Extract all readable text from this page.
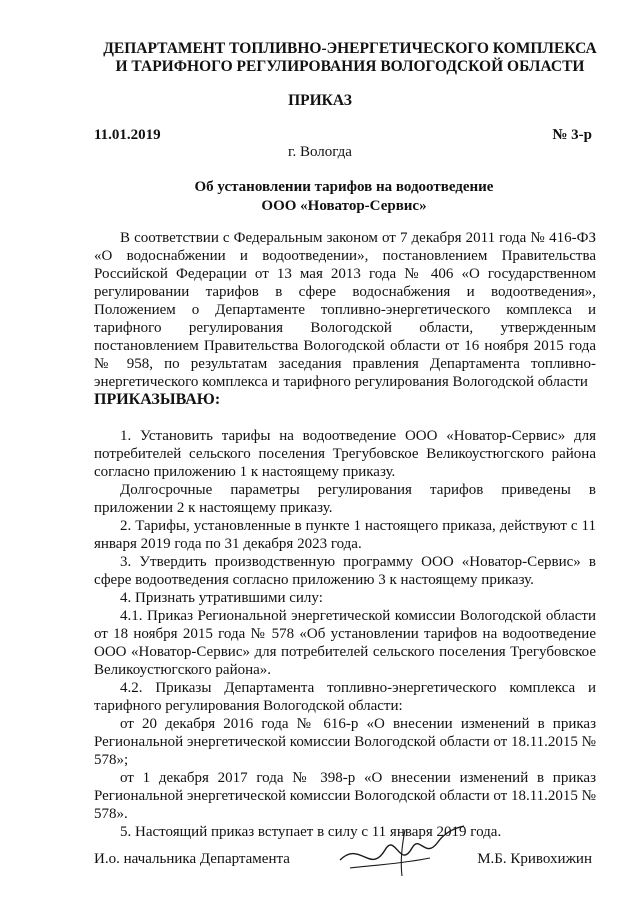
ДЕПАРТАМЕНТ ТОПЛИВНО-ЭНЕРГЕТИЧЕСКОГО КОМПЛЕКСА
И ТАРИФНОГО РЕГУЛИРОВАНИЯ ВОЛОГОДСКОЙ ОБЛАСТИ
ПРИКАЗ
11.01.2019	№ 3-р
г. Вологда
Об установлении тарифов на водоотведение
ООО «Новатор-Сервис»

В соответствии с Федеральным законом от 7 декабря 2011 года № 416-ФЗ «О водоснабжении и водоотведении», постановлением Правительства Российской Федерации от 13 мая 2013 года № 406 «О государственном регулировании тарифов в сфере водоснабжения и водоотведения», Положением о Департаменте топливно-энергетического комплекса и тарифного регулирования Вологодской области, утвержденным постановлением Правительства Вологодской области от 16 ноября 2015 года № 958, по результатам заседания правления Департамента топливно-энергетического комплекса и тарифного регулирования Вологодской области

ПРИКАЗЫВАЮ:

1. Установить тарифы на водоотведение ООО «Новатор-Сервис» для потребителей сельского поселения Трегубовское Великоустюгского района согласно приложению 1 к настоящему приказу.

Долгосрочные параметры регулирования тарифов приведены в приложении 2 к настоящему приказу.

2. Тарифы, установленные в пункте 1 настоящего приказа, действуют с 11 января 2019 года по 31 декабря 2023 года.

3. Утвердить производственную программу ООО «Новатор-Сервис» в сфере водоотведения согласно приложению 3 к настоящему приказу.

4. Признать утратившими силу:

4.1. Приказ Региональной энергетической комиссии Вологодской области от 18 ноября 2015 года № 578 «Об установлении тарифов на водоотведение ООО «Новатор-Сервис» для потребителей сельского поселения Трегубовское Великоустюгского района».

4.2. Приказы Департамента топливно-энергетического комплекса и тарифного регулирования Вологодской области:

от 20 декабря 2016 года № 616-р «О внесении изменений в приказ Региональной энергетической комиссии Вологодской области от 18.11.2015 № 578»;

от 1 декабря 2017 года № 398-р «О внесении изменений в приказ Региональной энергетической комиссии Вологодской области от 18.11.2015 № 578».

5. Настоящий приказ вступает в силу с 11 января 2019 года.

И.о. начальника Департамента	М.Б. Кривохижин
